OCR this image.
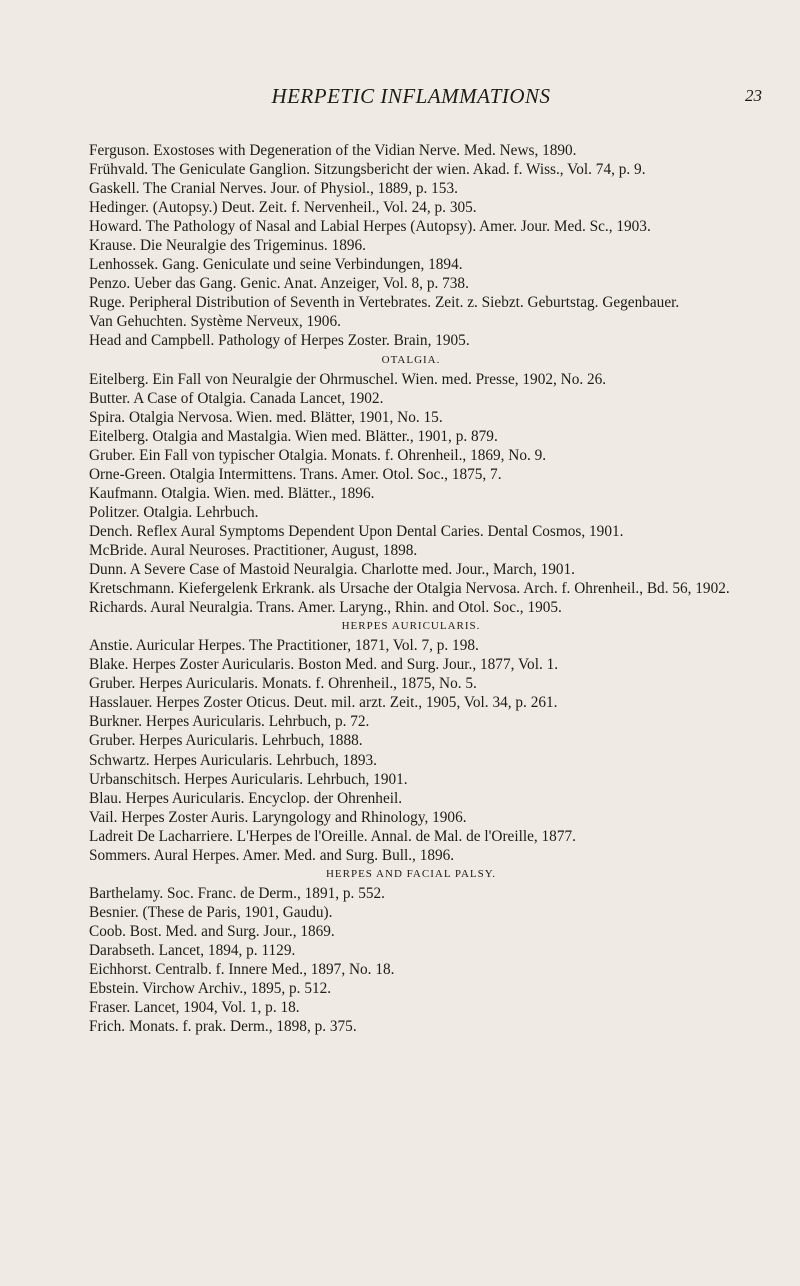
HERPETIC INFLAMMATIONS	23

Ferguson. Exostoses with Degeneration of the Vidian Nerve. Med. News, 1890.

Frühvald. The Geniculate Ganglion. Sitzungsbericht der wien. Akad. f. Wiss., Vol. 74, p. 9.

Gaskell. The Cranial Nerves. Jour. of Physiol., 1889, p. 153.

Hedinger. (Autopsy.) Deut. Zeit. f. Nervenheil., Vol. 24, p. 305.

Howard. The Pathology of Nasal and Labial Herpes (Autopsy). Amer. Jour. Med. Sc., 1903.

Krause. Die Neuralgie des Trigeminus. 1896.

Lenhossek. Gang. Geniculate und seine Verbindungen, 1894.

Penzo. Ueber das Gang. Genic. Anat. Anzeiger, Vol. 8, p. 738.

Ruge. Peripheral Distribution of Seventh in Vertebrates. Zeit. z. Siebzt. Geburtstag. Gegenbauer.

Van Gehuchten. Système Nerveux, 1906.

Head and Campbell. Pathology of Herpes Zoster. Brain, 1905.

OTALGIA.

Eitelberg. Ein Fall von Neuralgie der Ohrmuschel. Wien. med. Presse, 1902, No. 26.

Butter. A Case of Otalgia. Canada Lancet, 1902.

Spira. Otalgia Nervosa. Wien. med. Blätter, 1901, No. 15.

Eitelberg. Otalgia and Mastalgia. Wien med. Blätter., 1901, p. 879.

Gruber. Ein Fall von typischer Otalgia. Monats. f. Ohrenheil., 1869, No. 9.

Orne-Green. Otalgia Intermittens. Trans. Amer. Otol. Soc., 1875, 7.

Kaufmann. Otalgia. Wien. med. Blätter., 1896.

Politzer. Otalgia. Lehrbuch.

Dench. Reflex Aural Symptoms Dependent Upon Dental Caries. Dental Cosmos, 1901.

McBride. Aural Neuroses. Practitioner, August, 1898.

Dunn. A Severe Case of Mastoid Neuralgia. Charlotte med. Jour., March, 1901.

Kretschmann. Kiefergelenk Erkrank. als Ursache der Otalgia Nervosa. Arch. f. Ohrenheil., Bd. 56, 1902.

Richards. Aural Neuralgia. Trans. Amer. Laryng., Rhin. and Otol. Soc., 1905.

HERPES AURICULARIS.

Anstie. Auricular Herpes. The Practitioner, 1871, Vol. 7, p. 198.

Blake. Herpes Zoster Auricularis. Boston Med. and Surg. Jour., 1877, Vol. 1.

Gruber. Herpes Auricularis. Monats. f. Ohrenheil., 1875, No. 5.

Hasslauer. Herpes Zoster Oticus. Deut. mil. arzt. Zeit., 1905, Vol. 34, p. 261.

Burkner. Herpes Auricularis. Lehrbuch, p. 72.

Gruber. Herpes Auricularis. Lehrbuch, 1888.

Schwartz. Herpes Auricularis. Lehrbuch, 1893.

Urbanschitsch. Herpes Auricularis. Lehrbuch, 1901.

Blau. Herpes Auricularis. Encyclop. der Ohrenheil.

Vail. Herpes Zoster Auris. Laryngology and Rhinology, 1906.

Ladreit De Lacharriere. L'Herpes de l'Oreille. Annal. de Mal. de l'Oreille, 1877.

Sommers. Aural Herpes. Amer. Med. and Surg. Bull., 1896.

HERPES AND FACIAL PALSY.

Barthelamy. Soc. Franc. de Derm., 1891, p. 552.

Besnier. (These de Paris, 1901, Gaudu).

Coob. Bost. Med. and Surg. Jour., 1869.

Darabseth. Lancet, 1894, p. 1129.

Eichhorst. Centralb. f. Innere Med., 1897, No. 18.

Ebstein. Virchow Archiv., 1895, p. 512.

Fraser. Lancet, 1904, Vol. 1, p. 18.

Frich. Monats. f. prak. Derm., 1898, p. 375.
